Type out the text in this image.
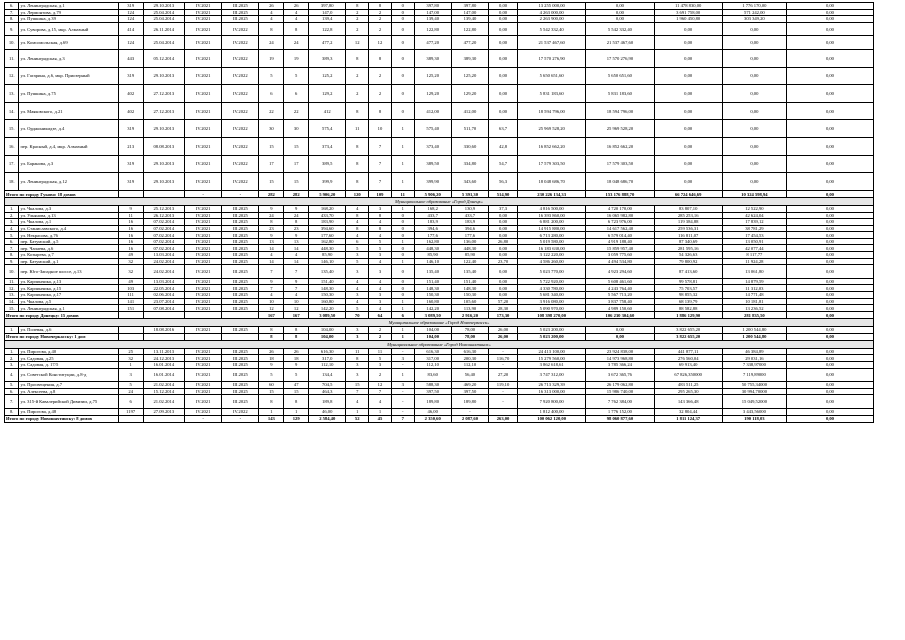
6.	ул. Ленинградская, д.1	319	29.10.2013	IV.2021	III.2025	26	26	397,80	8	8	0	397,80	397,80	0,00	13 255 000,00	0,00	11 478 830,00	1 776 170,00	0,00
7.	ул. Лермонтова, д.79	124	25.04.2014	IV.2021	III.2025	4	4	147,0	2	2	0	147,00	147,00	0,00	4 263 000,00	0,00	3 691 758,00	571 242,00	0,00
8.	ул. Пушкина, д.39	124	25.04.2014	IV.2021	III.2025	4	4	139,4	2	2	0	139,40	139,40	0,00	2 263 900,00	0,00	1 960 450,80	303 349,20	0,00
9.	ул. Суворова, д.15, мкр. Алмазный	414	26.11.2014	IV.2021	IV.2022	8	8	122,8	2	2	0	122,80	122,80	0,00	5 542 332,40	5 542 332,40	0,00	0,00	0,00
10.	ул. Комсомольская, д.69	124	25.04.2014	IV.2021	IV.2022	24	24	477,2	12	12	0	477,20	477,20	0,00	21 537 467,60	21 537 467,60	0,00	0,00	0,00
11.	ул. Ленинградская, д.3	443	05.12.2014	IV.2021	IV.2022	19	19	389,3	8	8	0	389,30	389,30	0,00	17 570 276,90	17 570 276,90	0,00	0,00	0,00
12.	ул. Гагарина, д.6, мкр. Приозерный	319	29.10.2013	IV.2021	IV.2022	5	5	125,2	2	2	0	125,20	125,20	0,00	5 650 651,60	5 650 651,60	0,00	0,00	0,00
13.	ул. Пушкина, д.75	402	27.12.2013	IV.2021	IV.2022	6	6	129,2	2	2	0	129,20	129,20	0,00	5 831 183,60	5 831 183,60	0,00	0,00	0,00
14.	ул. Маяковского, д.21	402	27.12.2013	IV.2021	IV.2022	22	22	412	8	8	0	412,00	412,00	0,00	18 594 796,00	18 594 796,00	0,00	0,00	0,00
15.	ул. Орджоникидзе, д.4	319	29.10.2013	IV.2021	IV.2022	30	30	575,4	11	10	1	575,40	511,70	63,7	25 969 528,20	25 969 528,20	0,00	0,00	0,00
16.	пер. Красный, д.4, мкр. Алмазный	213	08.08.2013	IV.2021	IV.2022	15	15	373,4	8	7	1	373,40	330,60	42,8	16 852 662,20	16 852 662,20	0,00	0,00	0,00
17.	ул. Баранова, д.3	319	29.10.2013	IV.2021	IV.2022	17	17	389,5	8	7	1	389,50	334,80	54,7	17 579 303,50	17 579 303,50	0,00	0,00	0,00
18.	ул. Ленинградская, д.12	319	29.10.2013	IV.2021	IV.2022	15	15	399,9	8	7	1	399,90	343,60	56,3	18 048 686,70	18 048 686,70	0,00	0,00	0,00
Итого по городу Гуково: 18 домов				-	-	282	282	5 906,20	120	109	11	5 906,20	5 391,30	514,90	230 226 134,33	153 176 888,70	66 724 646,69	10 324 598,94	0,00
Муниципальное образование «Город Донецк»																			
1.	ул. Чкалова, д.3	9	25.12.2013	IV.2021	III.2025	9	9	168,20	4	3	1	168,2	130,9	37,3	4 816 500,00	4 720 170,00	83 807,10	12 522,90	0,00
2.	ул. Ульянова, д.13	11	26.12.2013	IV.2021	III.2025	24	24	433,70	8	8	0	433,7	433,7	0,00	16 393 860,00	16 065 982,80	285 253,16	42 624,04	0,00
3.	ул. Чкалова, д.1	16	07.02.2014	IV.2021	III.2025	8	8	183,90	4	4	0	183,9	183,9	0,00	6 881 200,00	6 723 976,00	119 384,88	17 839,12	0,00
4.	ул. Станиславского, д.4	16	07.02.2014	IV.2021	III.2025	23	23	394,60	8	8	0	394,6	394,6	0,00	14 915 880,00	14 617 562,40	259 536,31	38 781,29	0,00
5.	ул. Некрасова, д.76	16	07.02.2014	IV.2021	III.2025	9	9	177,60	4	4	0	177,6	177,6	0,00	6 713 280,00	6 579 014,40	116 811,07	17 454,53	0,00
6.	пер. Батумский, д.5	16	07.02.2014	IV.2021	III.2025	13	13	162,80	6	5	1	162,80	136,00	26,80	5 019 580,00	4 919 188,40	87 340,69	13 050,91	0,00
7.	пер. Чапаева, д.6	16	07.02.2014	IV.2021	III.2025	14	14	448,30	5	5	0	448,30	448,30	0,00	16 183 630,00	15 859 957,40	281 595,16	42 077,44	0,00
8.	ул. Козырева, д.7	49	13.03.2014	IV.2021	III.2025	4	4	85,90	3	3	0	85,90	85,90	0,00	3 122 220,00	3 059 775,60	54 326,63	8 117,77	0,00
9.	пер. Батумский, д.1	32	24.02.2014	IV.2021	III.2025	14	14	146,10	5	4	1	146,10	122,40	23,70	4 586 260,00	4 494 534,80	79 800,92	11 924,28	0,00
10.	пер. Юго-Западное шоссе, д.13	32	24.02.2014	IV.2021	III.2025	7	7	135,40	3	3	0	135,40	135,40	0,00	5 023 770,00	4 923 294,60	87 413,60	13 061,80	0,00
11.	ул. Карпинчика, д.13	49	13.03.2014	IV.2021	III.2025	9	9	151,40	4	4	0	151,40	151,40	0,00	5 722 920,00	5 608 461,60	99 578,81	14 879,59	0,00
12.	ул. Карпинчика, д.15	103	22.05.2014	IV.2021	III.2025	7	7	148,30	4	4	0	148,30	148,30	0,00	4 330 780,00	4 243 764,40	75 703,57	11 312,03	0,00
13.	ул. Карпинчика, д.17	111	02.06.2014	IV.2021	III.2025	4	4	150,30	3	3	0	150,30	150,30	0,00	5 681 340,00	5 567 713,20	98 855,32	14 771,48	0,00
14.	ул. Чкалова, д.5	141	23.07.2014	IV.2021	III.2025	10	10	160,80	4	3	1	160,80	105,60	57,20	3 916 080,00	3 837 758,40	68 139,79	10 181,81	0,00
15.	ул. Ленинградская, д.1	151	07.08.2014	IV.2021	III.2025	12	12	142,20	5	4	1	142,20	113,90	28,30	5 090 970,00	4 989 150,60	88 582,88	13 236,52	0,00
Итого по городу Донецку: 15 домов						167	167	3 089,50	70	64	6	3 089,50	2 916,20	173,30	108 398 270,00	106 230 304,60	1 886 129,90	281 835,50	0,00
Муниципальное образование «Город Новочеркасск»																			
1.	ул. Полевая, д.6		18.08.2016	IV.2021	III.2025	8	8	104,00	3	2	1	104,00	78,00	26,00	5 023 200,00	0,00	3 822 655,20	1 200 544,80	0,00
Итого по городу Новочеркасску: 1 дом						8	8	104,00	3	2	1	104,00	78,00	26,00	5 023 200,00	0,00	3 822 655,20	1 200 544,80	0,00
Муниципальное образование «Город Новошахтинск»																			
1.	ул. Пирогова, д.40	25	13.11.2013	IV.2021	III.2025	26	26	616,30	11	11	-	616,30	616,30	-	24 413 100,00	23 924 838,00	441 877,11	46 384,89	0,00
2.	ул. Садовая, д.25	32	24.12.2013	IV.2021	III.2025	18	18	317,0	8	5	3	317,00	200,30	116,70	15 279 560,00	14 973 968,80	276 560,04	29 031,16	0,00
3.	ул. Садовая, д. 17/5	1	16.01.2014	IV.2021	III.2025	9	9	112,10	3	3	-	112,10	112,10	-	3 862 618,61	3 785 366,24	69 913,40	7 338,97000	0,00
4.	ул. Советской Конституции, д.8-д	3	16.01.2014	IV.2021	III.2025	5	5	134,4	3	2	1	83,60	56,40	27,20	3 747 312,00	3 672 365,76	67 826,350000	7 119,89000	0,00
5.	ул. Просвещения, д.7	5	21.02.2014	IV.2021	III.2025	60	47	704,5	15	12	3	588,30	469,20	119,10	26 713 329,39	26 179 062,80	483 511,25	50 755,34000	0,00
6.	ул. Алексеева, д.8	24	15.12.2014	IV.2021	III.2025	15	15	464,3	7	7	-	397,50	397,50	-	16 313 000,00	15 986 740,00	295 265,30	30 994,70000	0,00
7.	ул. 315-й Кавалерийской Дивизии, д.75	6	21.02.2014	IV.2021	III.2025	8	8	189,8	4	4	-	189,80	189,80	-	7 920 800,00	7 762 384,00	143 366,48	15 049,52000	0,00
8.	ул. Пирогова, д.48	1197	27.09.2013	IV.2021	IV.2022	1	1	46,00	1	1	-	46,00	-		1 812 400,00	1 776 152,00	32 804,44	3 443,56000	0,00
Итого по городу Новошахтинску: 8 домов				-	-	143	129	2 584,40	52	45	7	2 350,60	2 087,60	263,00	100 062 120,00	98 060 877,60	1 811 124,37	190 118,03	0,00
